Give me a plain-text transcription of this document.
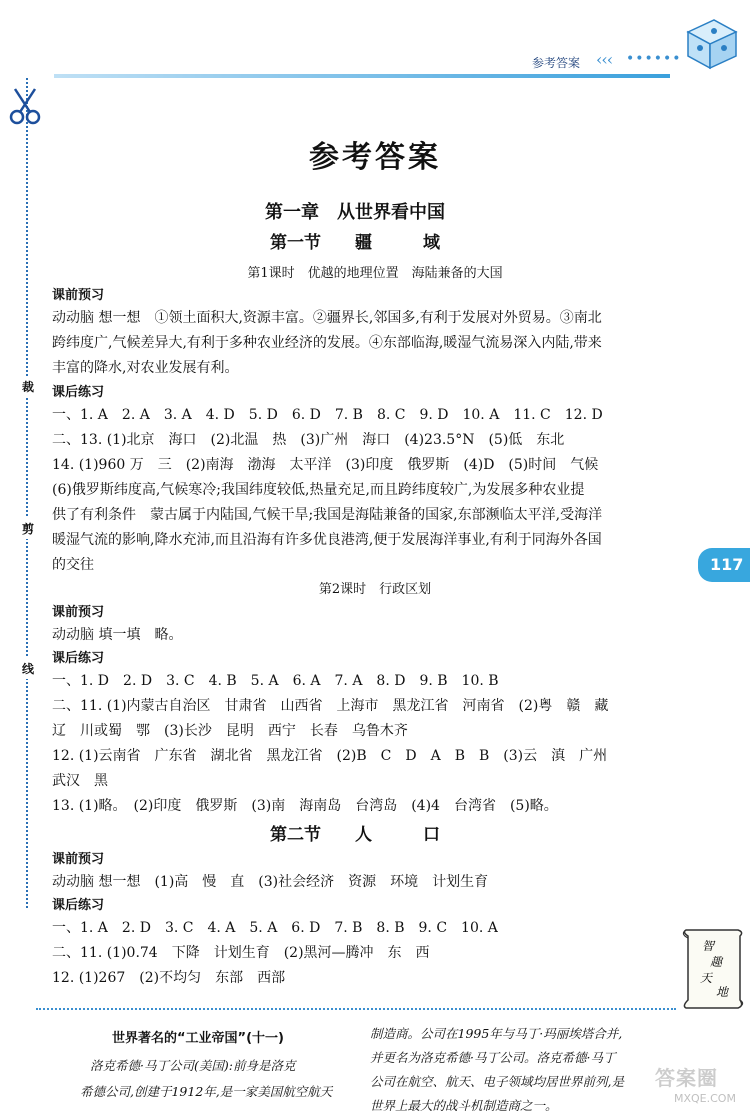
参考答案 ‹‹‹ ••••••
裁
剪
线
参考答案
第一章　从世界看中国
第一节　　疆　　　域
第1课时　优越的地理位置　海陆兼备的大国
课前预习
动动脑 想一想　①领土面积大,资源丰富。②疆界长,邻国多,有利于发展对外贸易。③南北
跨纬度广,气候差异大,有利于多种农业经济的发展。④东部临海,暖湿气流易深入内陆,带来
丰富的降水,对农业发展有利。
课后练习
一、1. A　2. A　3. A　4. D　5. D　6. D　7. B　8. C　9. D　10. A　11. C　12. D
二、13. (1)北京　海口　(2)北温　热　(3)广州　海口　(4)23.5°N　(5)低　东北
14. (1)960 万　三　(2)南海　渤海　太平洋　(3)印度　俄罗斯　(4)D　(5)时间　气候
(6)俄罗斯纬度高,气候寒冷;我国纬度较低,热量充足,而且跨纬度较广,为发展多种农业提
供了有利条件　蒙古属于内陆国,气候干旱;我国是海陆兼备的国家,东部濒临太平洋,受海洋
暖湿气流的影响,降水充沛,而且沿海有许多优良港湾,便于发展海洋事业,有利于同海外各国
的交往
第2课时　行政区划
课前预习
动动脑 填一填　略。
课后练习
一、1. D　2. D　3. C　4. B　5. A　6. A　7. A　8. D　9. B　10. B
二、11. (1)内蒙古自治区　甘肃省　山西省　上海市　黑龙江省　河南省　(2)粤　赣　藏
辽　川或蜀　鄂　(3)长沙　昆明　西宁　长春　乌鲁木齐
12. (1)云南省　广东省　湖北省　黑龙江省　(2)B　C　D　A　B　B　(3)云　滇　广州
武汉　黑
13. (1)略。　(2)印度　俄罗斯　(3)南　海南岛　台湾岛　(4)4　台湾省　(5)略。
第二节　　人　　　口
课前预习
动动脑 想一想　(1)高　慢　直　(3)社会经济　资源　环境　计划生育
课后练习
一、1. A　2. D　3. C　4. A　5. A　6. D　7. B　8. B　9. C　10. A
二、11. (1)0.74　下降　计划生育　(2)黑河—腾冲　东　西
12. (1)267　(2)不均匀　东部　西部
117
智趣天地
世界著名的“工业帝国”(十一)
洛克希德·马丁公司(美国):前身是洛克
希德公司,创建于1912年,是一家美国航空航天
制造商。公司在1995年与马丁·玛丽埃塔合并,
并更名为洛克希德·马丁公司。洛克希德·马丁
公司在航空、航天、电子领域均居世界前列,是
世界上最大的战斗机制造商之一。
答案圈
MXQE.COM
